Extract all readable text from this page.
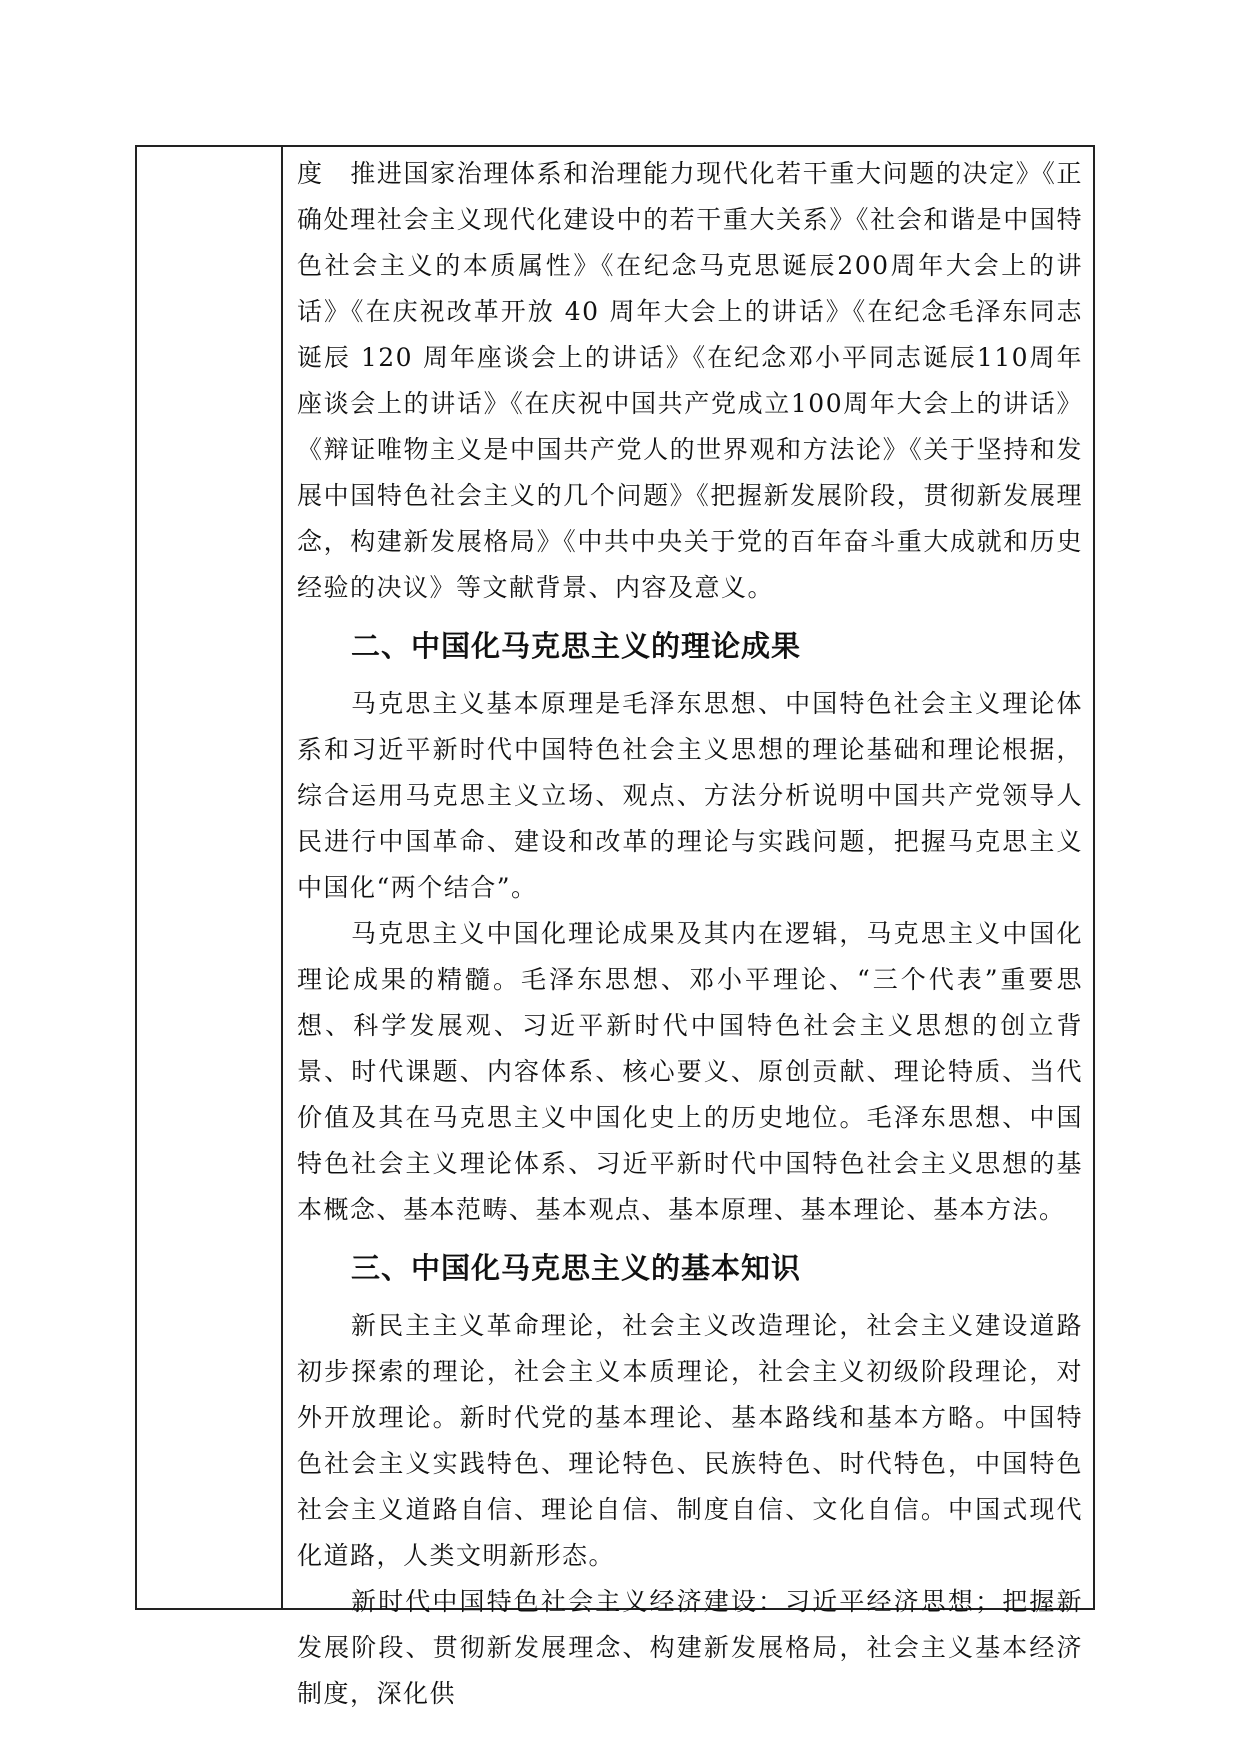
度　推进国家治理体系和治理能力现代化若干重大问题的决定》《正确处理社会主义现代化建设中的若干重大关系》《社会和谐是中国特色社会主义的本质属性》《在纪念马克思诞辰200周年大会上的讲话》《在庆祝改革开放 40 周年大会上的讲话》《在纪念毛泽东同志诞辰 120 周年座谈会上的讲话》《在纪念邓小平同志诞辰110周年座谈会上的讲话》《在庆祝中国共产党成立100周年大会上的讲话》《辩证唯物主义是中国共产党人的世界观和方法论》《关于坚持和发展中国特色社会主义的几个问题》《把握新发展阶段，贯彻新发展理念，构建新发展格局》《中共中央关于党的百年奋斗重大成就和历史经验的决议》等文献背景、内容及意义。

二、中国化马克思主义的理论成果

马克思主义基本原理是毛泽东思想、中国特色社会主义理论体系和习近平新时代中国特色社会主义思想的理论基础和理论根据，综合运用马克思主义立场、观点、方法分析说明中国共产党领导人民进行中国革命、建设和改革的理论与实践问题，把握马克思主义中国化“两个结合”。

马克思主义中国化理论成果及其内在逻辑，马克思主义中国化理论成果的精髓。毛泽东思想、邓小平理论、“三个代表”重要思想、科学发展观、习近平新时代中国特色社会主义思想的创立背景、时代课题、内容体系、核心要义、原创贡献、理论特质、当代价值及其在马克思主义中国化史上的历史地位。毛泽东思想、中国特色社会主义理论体系、习近平新时代中国特色社会主义思想的基本概念、基本范畴、基本观点、基本原理、基本理论、基本方法。

三、中国化马克思主义的基本知识

新民主主义革命理论，社会主义改造理论，社会主义建设道路初步探索的理论，社会主义本质理论，社会主义初级阶段理论，对外开放理论。新时代党的基本理论、基本路线和基本方略。中国特色社会主义实践特色、理论特色、民族特色、时代特色，中国特色社会主义道路自信、理论自信、制度自信、文化自信。中国式现代化道路，人类文明新形态。

新时代中国特色社会主义经济建设：习近平经济思想；把握新发展阶段、贯彻新发展理念、构建新发展格局，社会主义基本经济制度，深化供
